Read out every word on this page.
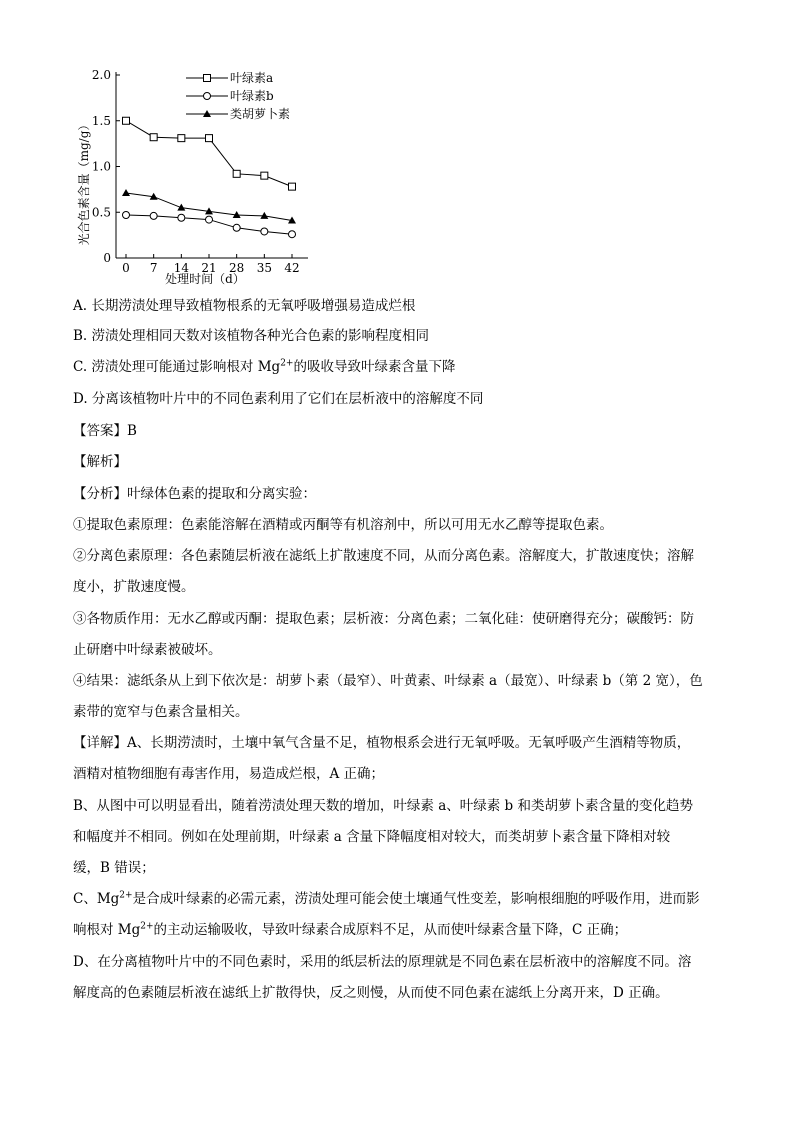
0
0.5
1.0
1.5
2.0
0 7 14 21 28 35 42
叶绿素a
叶绿素b
类胡萝卜素
光合色素含量（mg/g）
处理时间（d）
A. 长期涝渍处理导致植物根系的无氧呼吸增强易造成烂根
B. 涝渍处理相同天数对该植物各种光合色素的影响程度相同
C. 涝渍处理可能通过影响根对 $Mg^{2+}$的吸收导致叶绿素含量下降
D. 分离该植物叶片中的不同色素利用了它们在层析液中的溶解度不同
【答案】B
【解析】
【分析】叶绿体色素的提取和分离实验：
①提取色素原理：色素能溶解在酒精或丙酮等有机溶剂中，所以可用无水乙醇等提取色素。
②分离色素原理：各色素随层析液在滤纸上扩散速度不同，从而分离色素。溶解度大，扩散速度快；溶解
度小，扩散速度慢。
③各物质作用：无水乙醇或丙酮：提取色素；层析液：分离色素；二氧化硅：使研磨得充分；碳酸钙：防
止研磨中叶绿素被破坏。
④结果：滤纸条从上到下依次是：胡萝卜素（最窄）、叶黄素、叶绿素 a（最宽）、叶绿素 b（第 2 宽），色
素带的宽窄与色素含量相关。
【详解】A、长期涝渍时，土壤中氧气含量不足，植物根系会进行无氧呼吸。无氧呼吸产生酒精等物质，
酒精对植物细胞有毒害作用，易造成烂根，A 正确；
B、从图中可以明显看出，随着涝渍处理天数的增加，叶绿素 a、叶绿素 b 和类胡萝卜素含量的变化趋势
和幅度并不相同。例如在处理前期，叶绿素 a 含量下降幅度相对较大，而类胡萝卜素含量下降相对较
缓，B 错误；
C、$Mg^{2+}$是合成叶绿素的必需元素，涝渍处理可能会使土壤通气性变差，影响根细胞的呼吸作用，进而影
响根对 $Mg^{2+}$的主动运输吸收，导致叶绿素合成原料不足，从而使叶绿素含量下降，C 正确；
D、在分离植物叶片中的不同色素时，采用的纸层析法的原理就是不同色素在层析液中的溶解度不同。溶
解度高的色素随层析液在滤纸上扩散得快，反之则慢，从而使不同色素在滤纸上分离开来，D 正确。
